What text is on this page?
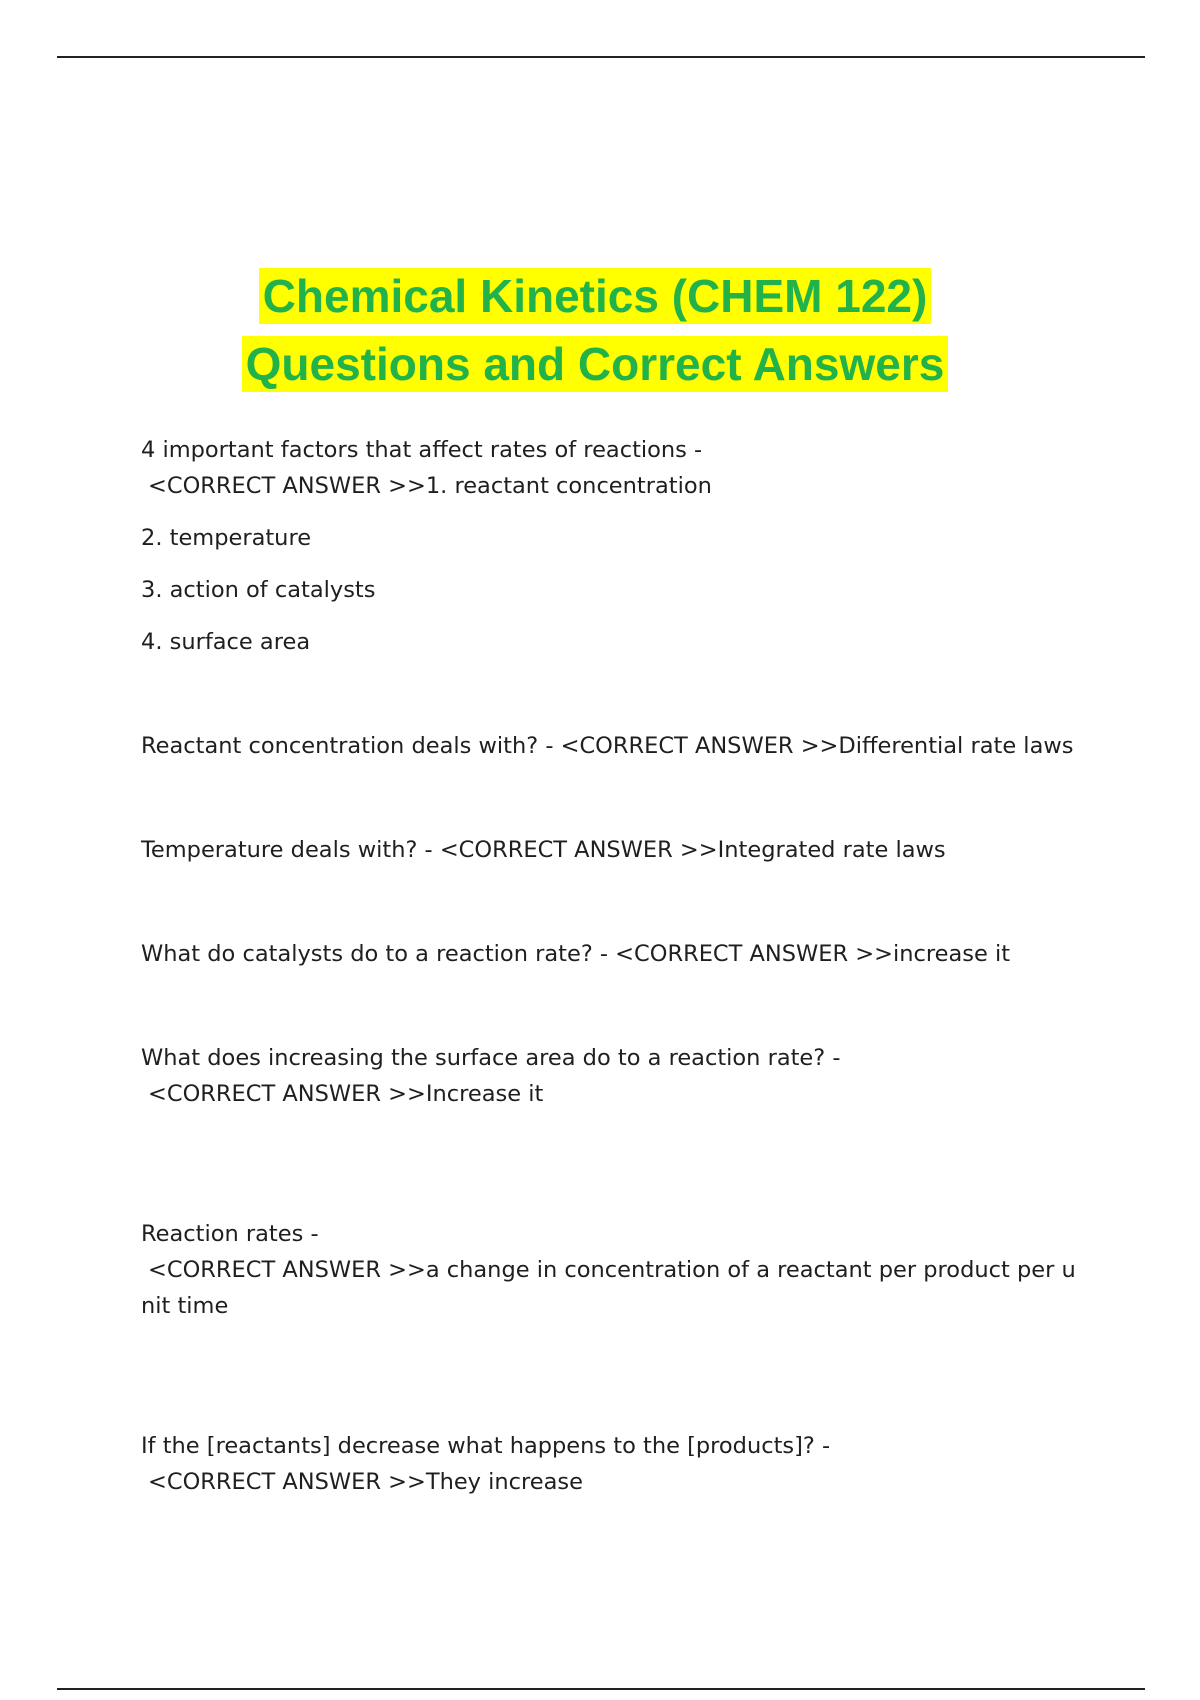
Chemical Kinetics (CHEM 122)
Questions and Correct Answers
4 important factors that affect rates of reactions -
<CORRECT ANSWER >>1. reactant concentration
2. temperature
3. action of catalysts
4. surface area
Reactant concentration deals with? - <CORRECT ANSWER >>Differential rate laws
Temperature deals with? - <CORRECT ANSWER >>Integrated rate laws
What do catalysts do to a reaction rate? - <CORRECT ANSWER >>increase it
What does increasing the surface area do to a reaction rate? -
<CORRECT ANSWER >>Increase it
Reaction rates -
<CORRECT ANSWER >>a change in concentration of a reactant per product per u
nit time
If the [reactants] decrease what happens to the [products]? -
<CORRECT ANSWER >>They increase
